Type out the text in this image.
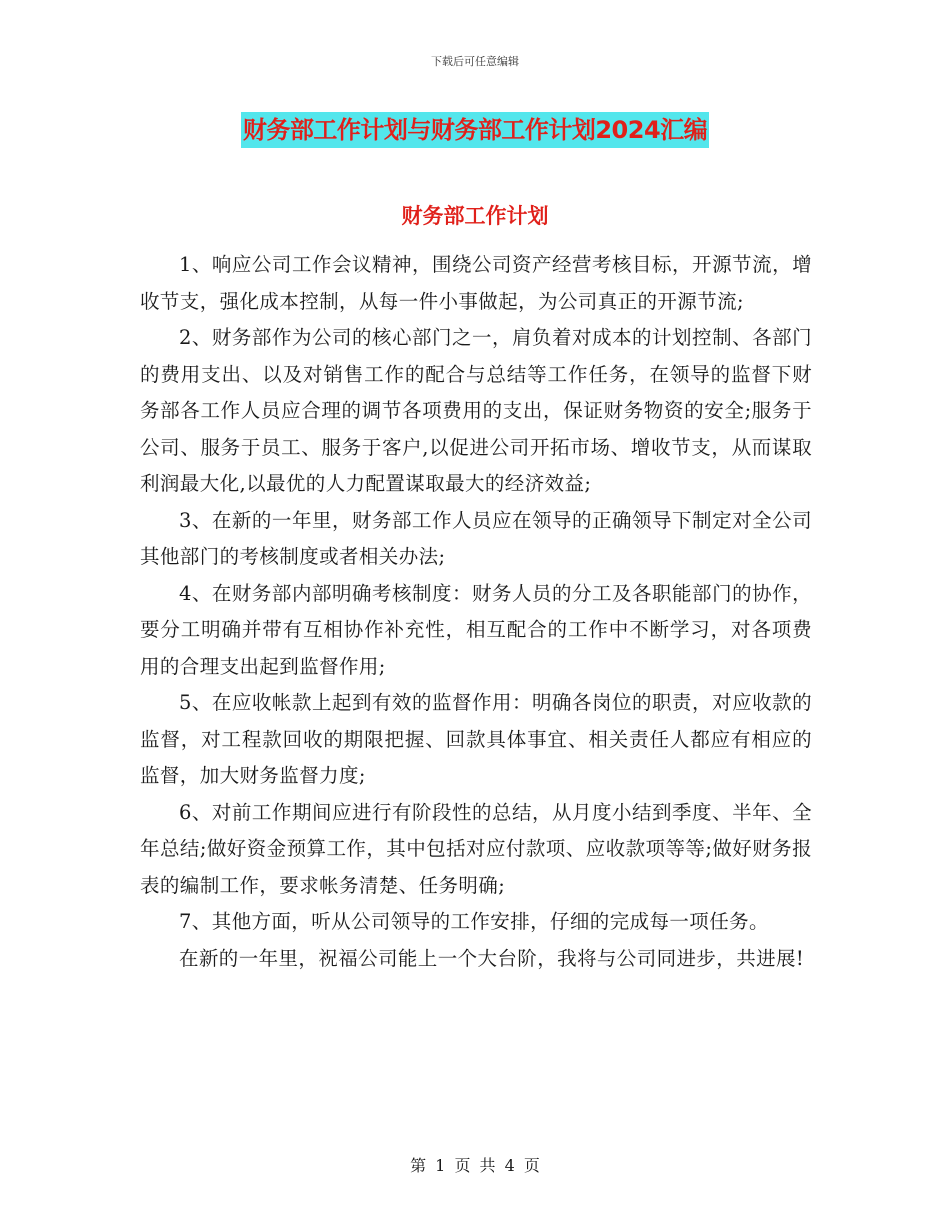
下载后可任意编辑
财务部工作计划与财务部工作计划2024汇编
财务部工作计划

1、响应公司工作会议精神，围绕公司资产经营考核目标，开源节流，增收节支，强化成本控制，从每一件小事做起，为公司真正的开源节流;

2、财务部作为公司的核心部门之一，肩负着对成本的计划控制、各部门的费用支出、以及对销售工作的配合与总结等工作任务，在领导的监督下财务部各工作人员应合理的调节各项费用的支出，保证财务物资的安全;服务于公司、服务于员工、服务于客户,以促进公司开拓市场、增收节支，从而谋取利润最大化,以最优的人力配置谋取最大的经济效益;

3、在新的一年里，财务部工作人员应在领导的正确领导下制定对全公司其他部门的考核制度或者相关办法;

4、在财务部内部明确考核制度：财务人员的分工及各职能部门的协作，要分工明确并带有互相协作补充性，相互配合的工作中不断学习，对各项费用的合理支出起到监督作用;

5、在应收帐款上起到有效的监督作用：明确各岗位的职责，对应收款的监督，对工程款回收的期限把握、回款具体事宜、相关责任人都应有相应的监督，加大财务监督力度;

6、对前工作期间应进行有阶段性的总结，从月度小结到季度、半年、全年总结;做好资金预算工作，其中包括对应付款项、应收款项等等;做好财务报表的编制工作，要求帐务清楚、任务明确;

7、其他方面，听从公司领导的工作安排，仔细的完成每一项任务。

在新的一年里，祝福公司能上一个大台阶，我将与公司同进步，共进展!

第 1 页 共 4 页
